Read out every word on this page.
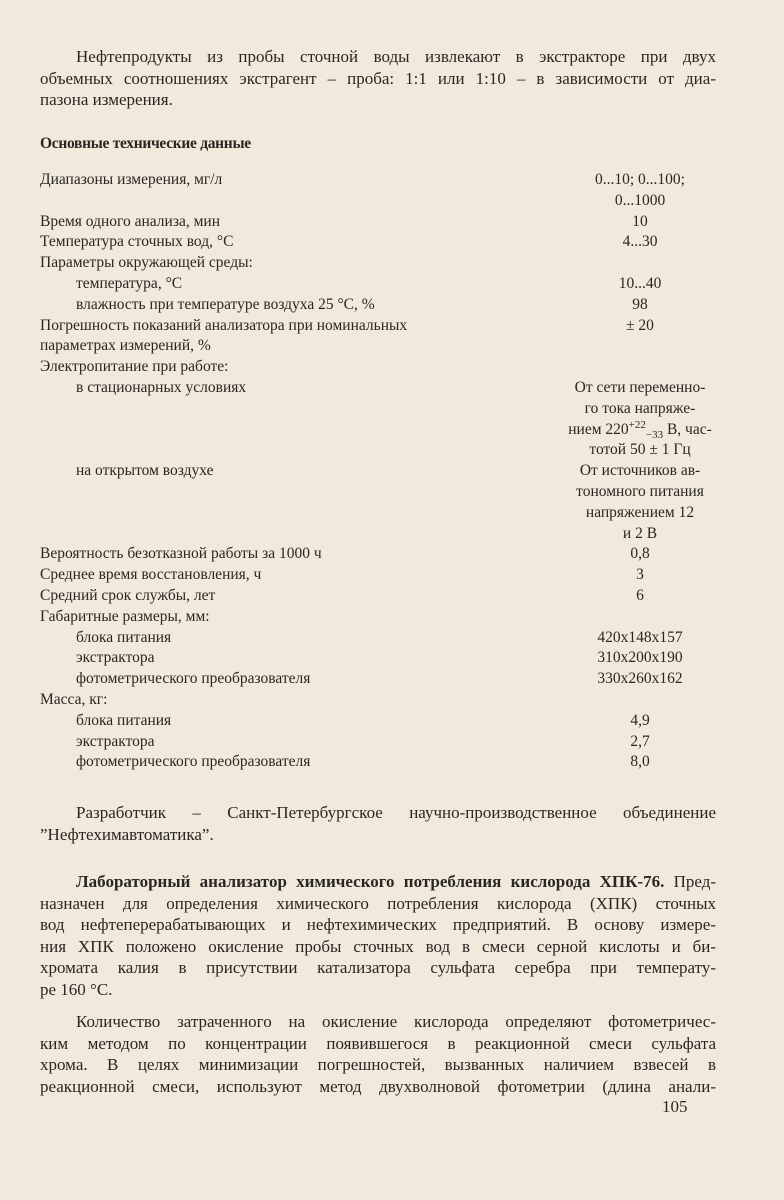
Нефтепродукты из пробы сточной воды извлекают в экстракторе при двух
объемных соотношениях экстрагент – проба: 1:1 или 1:10 – в зависимости от диа-
пазона измерения.

Основные технические данные

Диапазоны измерения, мг/л	0...10; 0...100;
0...1000
Время одного анализа, мин	10
Температура сточных вод, °С	4...30
Параметры окружающей среды:
температура, °С	10...40
влажность при температуре воздуха 25 °С, %	98
Погрешность показаний анализатора при номинальных	± 20
параметрах измерений, %
Электропитание при работе:
в стационарных условиях	От сети переменно-
го тока напряже-
нием $220^{+22}_{-33}$ В, час-
тотой 50 ± 1 Гц
на открытом воздухе	От источников ав-
тономного питания
напряжением 12
и 2 В
Вероятность безотказной работы за 1000 ч	0,8
Среднее время восстановления, ч	3
Средний срок службы, лет	6
Габаритные размеры, мм:
блока питания	420x148x157
экстрактора	310x200x190
фотометрического преобразователя	330x260x162
Масса, кг:
блока питания	4,9
экстрактора	2,7
фотометрического преобразователя	8,0
Разработчик – Санкт-Петербургское научно-производственное объединение
”Нефтехимавтоматика”.
Лабораторный анализатор химического потребления кислорода ХПК-76. Пред-
назначен для определения химического потребления кислорода (ХПК) сточных
вод нефтеперерабатывающих и нефтехимических предприятий. В основу измере-
ния ХПК положено окисление пробы сточных вод в смеси серной кислоты и би-
хромата калия в присутствии катализатора сульфата серебра при температу-
ре 160 °С.
Количество затраченного на окисление кислорода определяют фотометричес-
ким методом по концентрации появившегося в реакционной смеси сульфата
хрома. В целях минимизации погрешностей, вызванных наличием взвесей в
реакционной смеси, используют метод двухволновой фотометрии (длина анали-

105
